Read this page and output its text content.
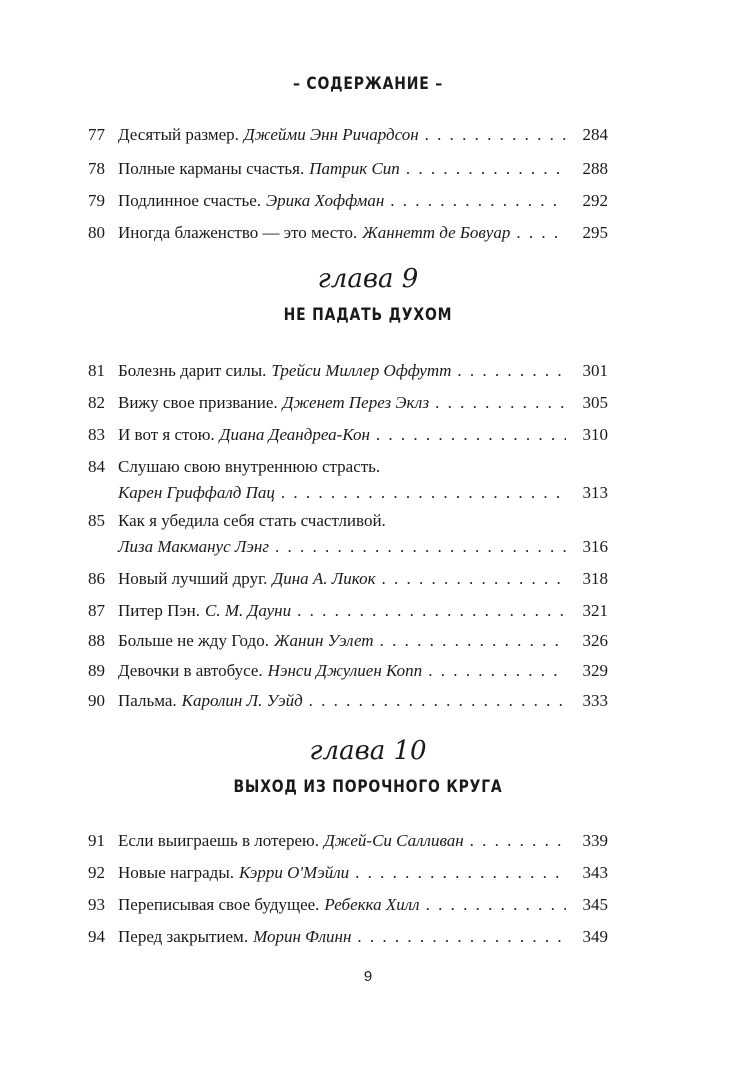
– СОДЕРЖАНИЕ –
77 Десятый размер. Джейми Энн Ричардсон . . .	284
78 Полные карманы счастья. Патрик Сип . . .	288
79 Подлинное счастье. Эрика Хоффман . . .	292
80 Иногда блаженство — это место. Жаннетт де Бовуар . . .	295
глава 9
НЕ ПАДАТЬ ДУХОМ
81 Болезнь дарит силы. Трейси Миллер Оффутт . . .	301
82 Вижу свое призвание. Дженет Перез Эклз . . .	305
83 И вот я стою. Диана Деандреа-Кон . . .	310
84 Слушаю свою внутреннюю страсть.
Карен Гриффалд Пац . . .	313
85 Как я убедила себя стать счастливой.
Лиза Макманус Лэнг . . .	316
86 Новый лучший друг. Дина А. Ликок . . .	318
87 Питер Пэн. С. М. Дауни . . .	321
88 Больше не жду Годо. Жанин Уэлет . . .	326
89 Девочки в автобусе. Нэнси Джулиен Копп . . .	329
90 Пальма. Каролин Л. Уэйд . . .	333
глава 10
ВЫХОД ИЗ ПОРОЧНОГО КРУГА
91 Если выиграешь в лотерею. Джей-Си Салливан . . .	339
92 Новые награды. Кэрри О'Мэйли . . .	343
93 Переписывая свое будущее. Ребекка Хилл . . .	345
94 Перед закрытием. Морин Флинн . . .	349
9
